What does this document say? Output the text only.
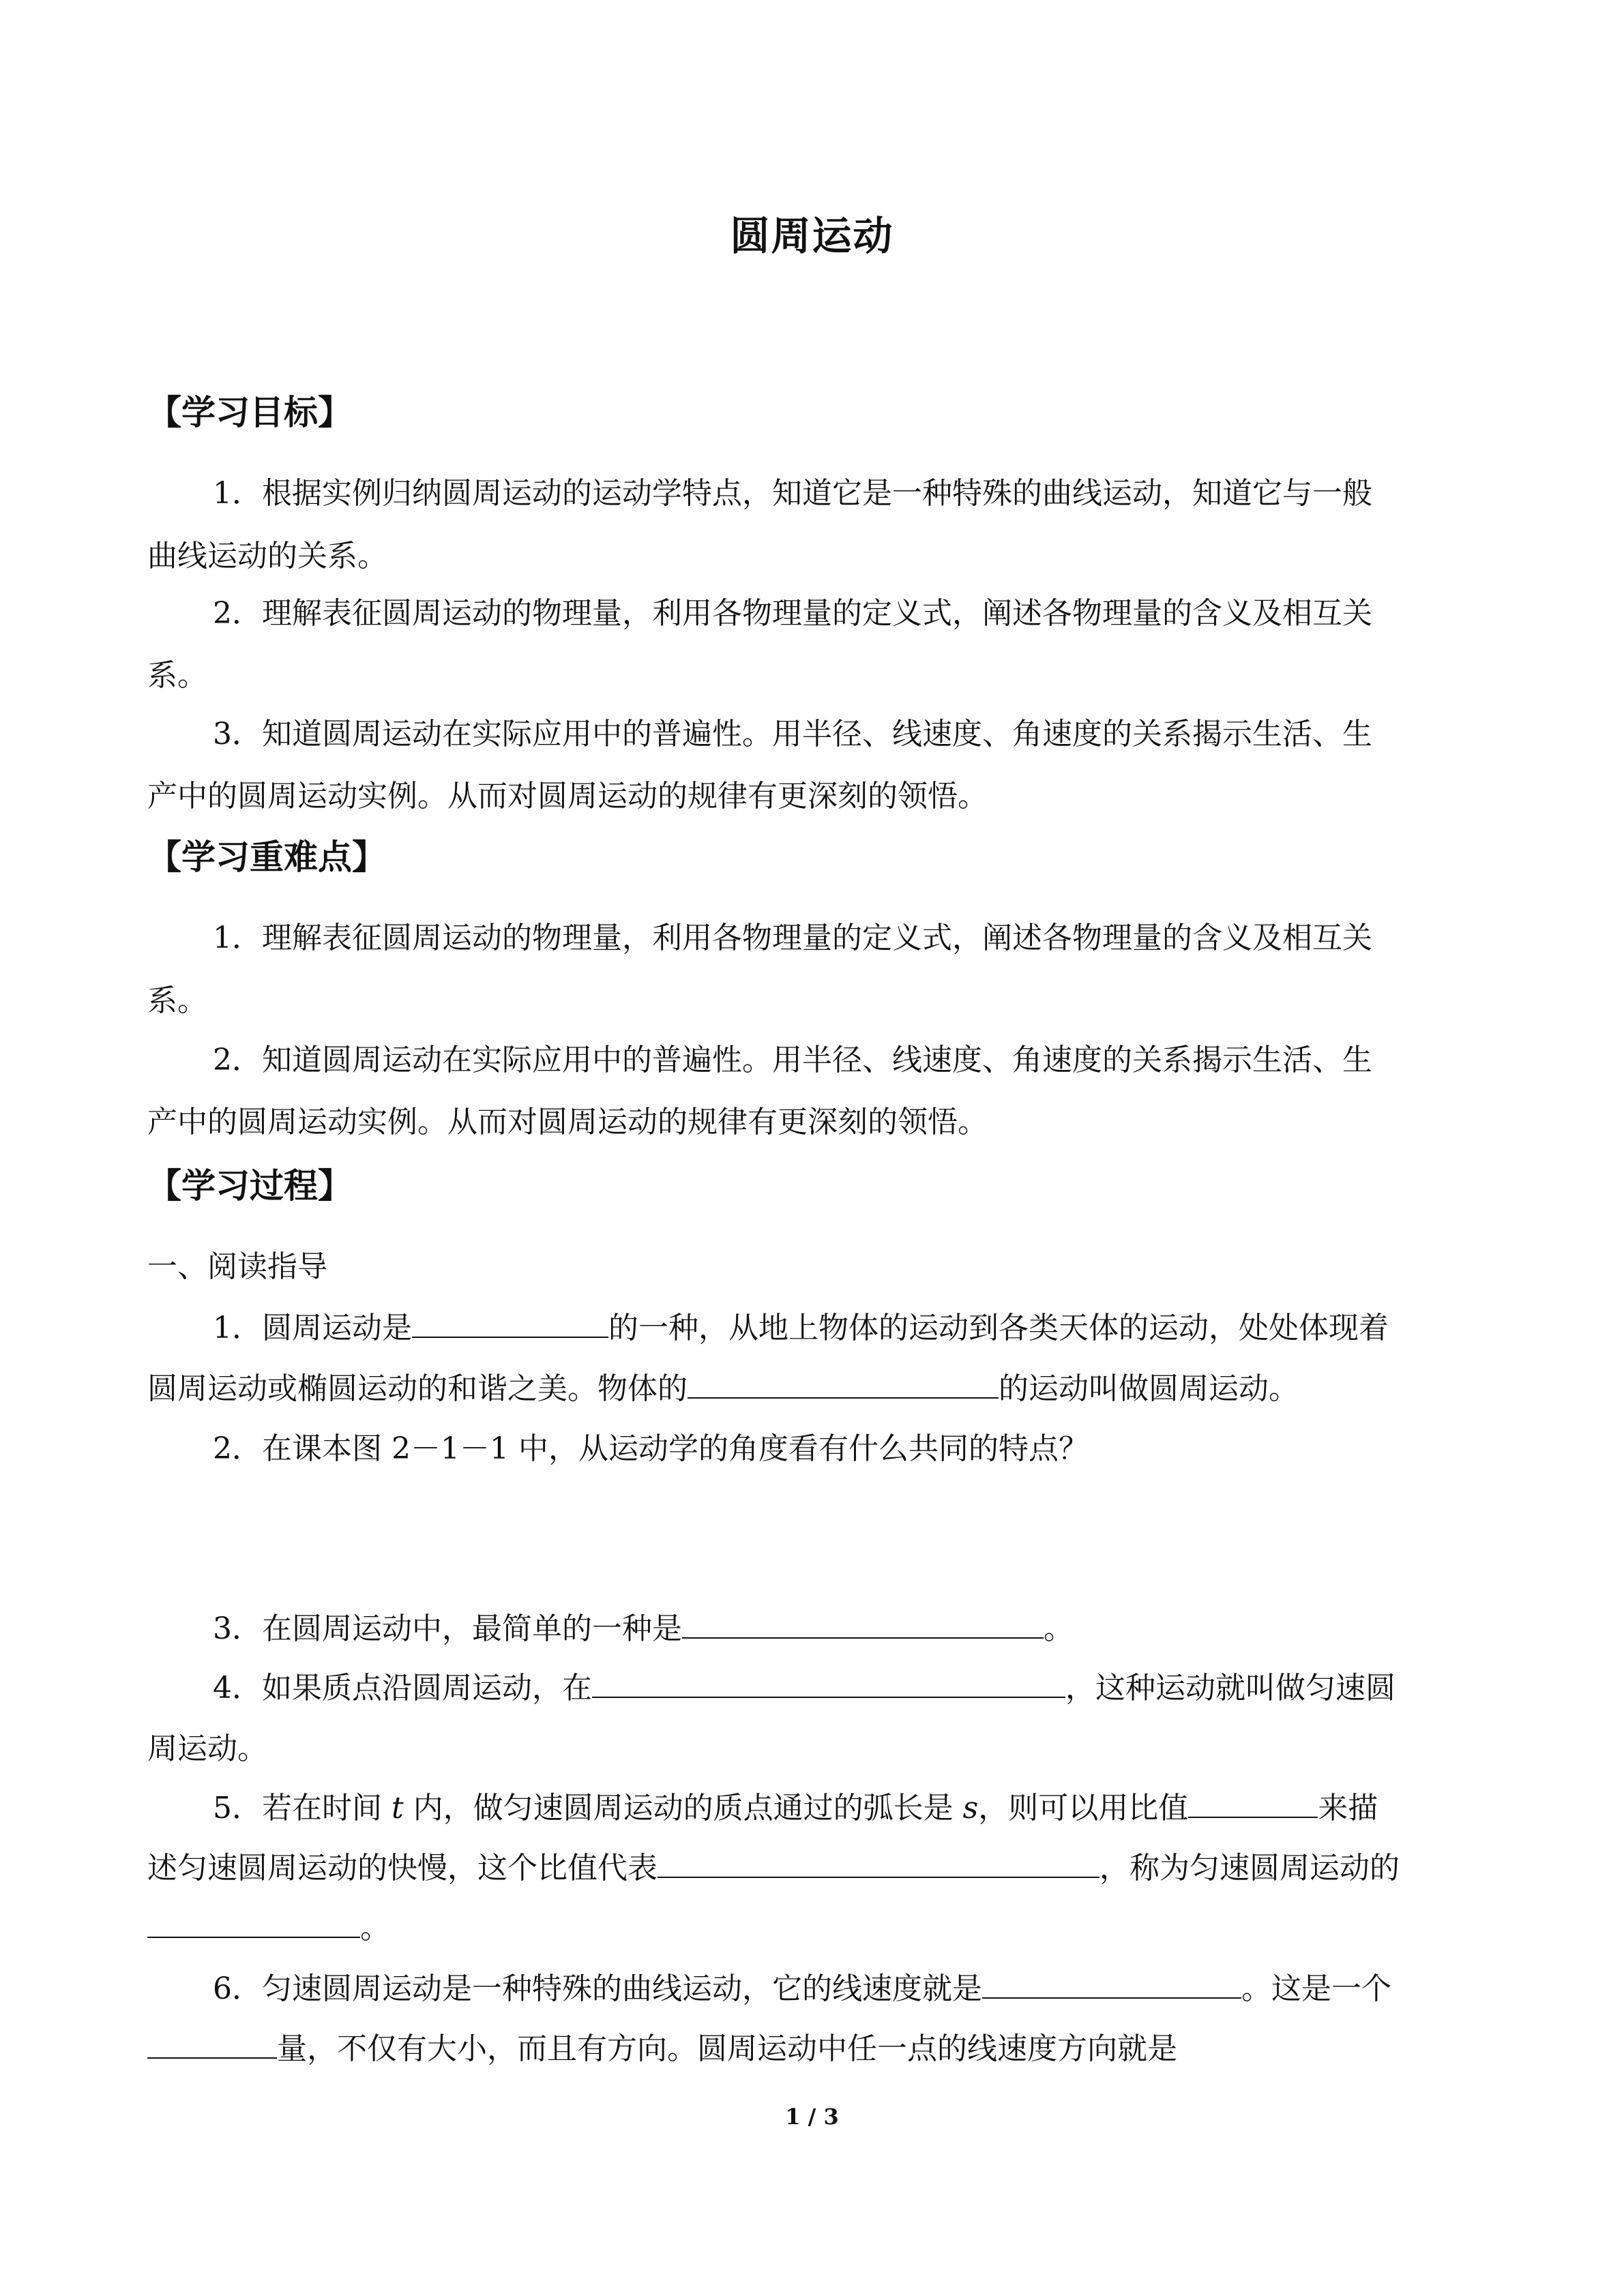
圆周运动
【学习目标】
1．根据实例归纳圆周运动的运动学特点，知道它是一种特殊的曲线运动，知道它与一般
曲线运动的关系。
2．理解表征圆周运动的物理量，利用各物理量的定义式，阐述各物理量的含义及相互关
系。
3．知道圆周运动在实际应用中的普遍性。用半径、线速度、角速度的关系揭示生活、生
产中的圆周运动实例。从而对圆周运动的规律有更深刻的领悟。
【学习重难点】
1．理解表征圆周运动的物理量，利用各物理量的定义式，阐述各物理量的含义及相互关
系。
2．知道圆周运动在实际应用中的普遍性。用半径、线速度、角速度的关系揭示生活、生
产中的圆周运动实例。从而对圆周运动的规律有更深刻的领悟。
【学习过程】
一、阅读指导
1．圆周运动是	的一种，从地上物体的运动到各类天体的运动，处处体现着
圆周运动或椭圆运动的和谐之美。物体的	的运动叫做圆周运动。
2．在课本图 2－1－1 中，从运动学的角度看有什么共同的特点？
3．在圆周运动中，最简单的一种是	。
4．如果质点沿圆周运动，在	，这种运动就叫做匀速圆
周运动。
5．若在时间 t 内，做匀速圆周运动的质点通过的弧长是 s，则可以用比值	来描
述匀速圆周运动的快慢，这个比值代表	，称为匀速圆周运动的
。
6．匀速圆周运动是一种特殊的曲线运动，它的线速度就是	。这是一个
量，不仅有大小，而且有方向。圆周运动中任一点的线速度方向就是
1 / 3
